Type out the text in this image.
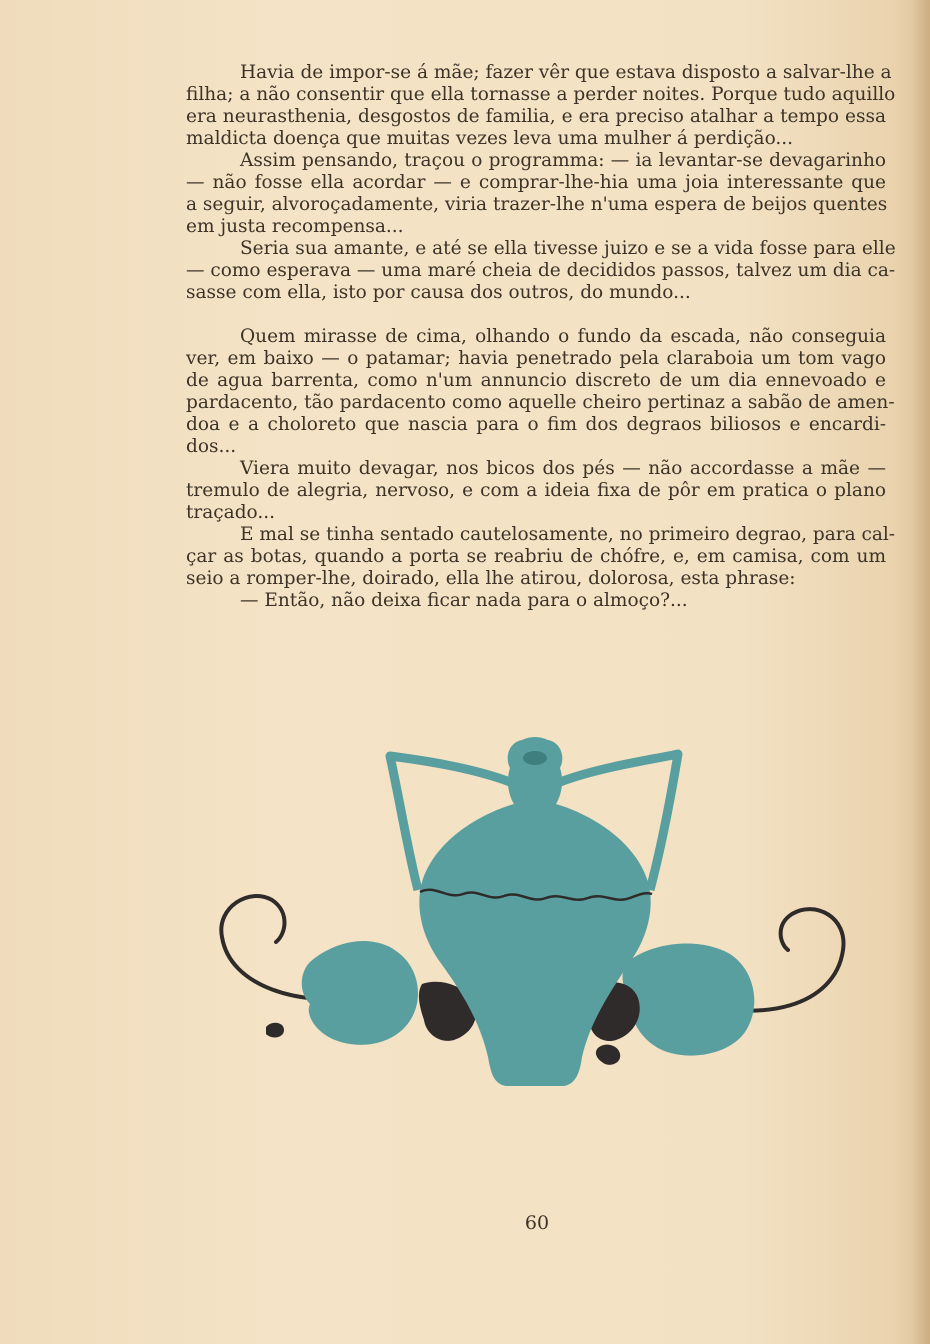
Havia de impor-se á mãe; fazer vêr que estava disposto a salvar-lhe a
filha; a não consentir que ella tornasse a perder noites. Porque tudo aquillo
era neurasthenia, desgostos de familia, e era preciso atalhar a tempo essa
maldicta doença que muitas vezes leva uma mulher á perdição...

Assim pensando, traçou o programma: — ia levantar-se devagarinho
— não fosse ella acordar — e comprar-lhe-hia uma joia interessante que
a seguir, alvoroçadamente, viria trazer-lhe n'uma espera de beijos quentes
em justa recompensa...

Seria sua amante, e até se ella tivesse juizo e se a vida fosse para elle
— como esperava — uma maré cheia de decididos passos, talvez um dia ca-
sasse com ella, isto por causa dos outros, do mundo...

Quem mirasse de cima, olhando o fundo da escada, não conseguia
ver, em baixo — o patamar; havia penetrado pela claraboia um tom vago
de agua barrenta, como n'um annuncio discreto de um dia ennevoado e
pardacento, tão pardacento como aquelle cheiro pertinaz a sabão de amen-
doa e a choloreto que nascia para o fim dos degraos biliosos e encardi-
dos...

Viera muito devagar, nos bicos dos pés — não accordasse a mãe —
tremulo de alegria, nervoso, e com a ideia fixa de pôr em pratica o plano
traçado...

E mal se tinha sentado cautelosamente, no primeiro degrao, para cal-
çar as botas, quando a porta se reabriu de chófre, e, em camisa, com um
seio a romper-lhe, doirado, ella lhe atirou, dolorosa, esta phrase:

— Então, não deixa ficar nada para o almoço?...

60
